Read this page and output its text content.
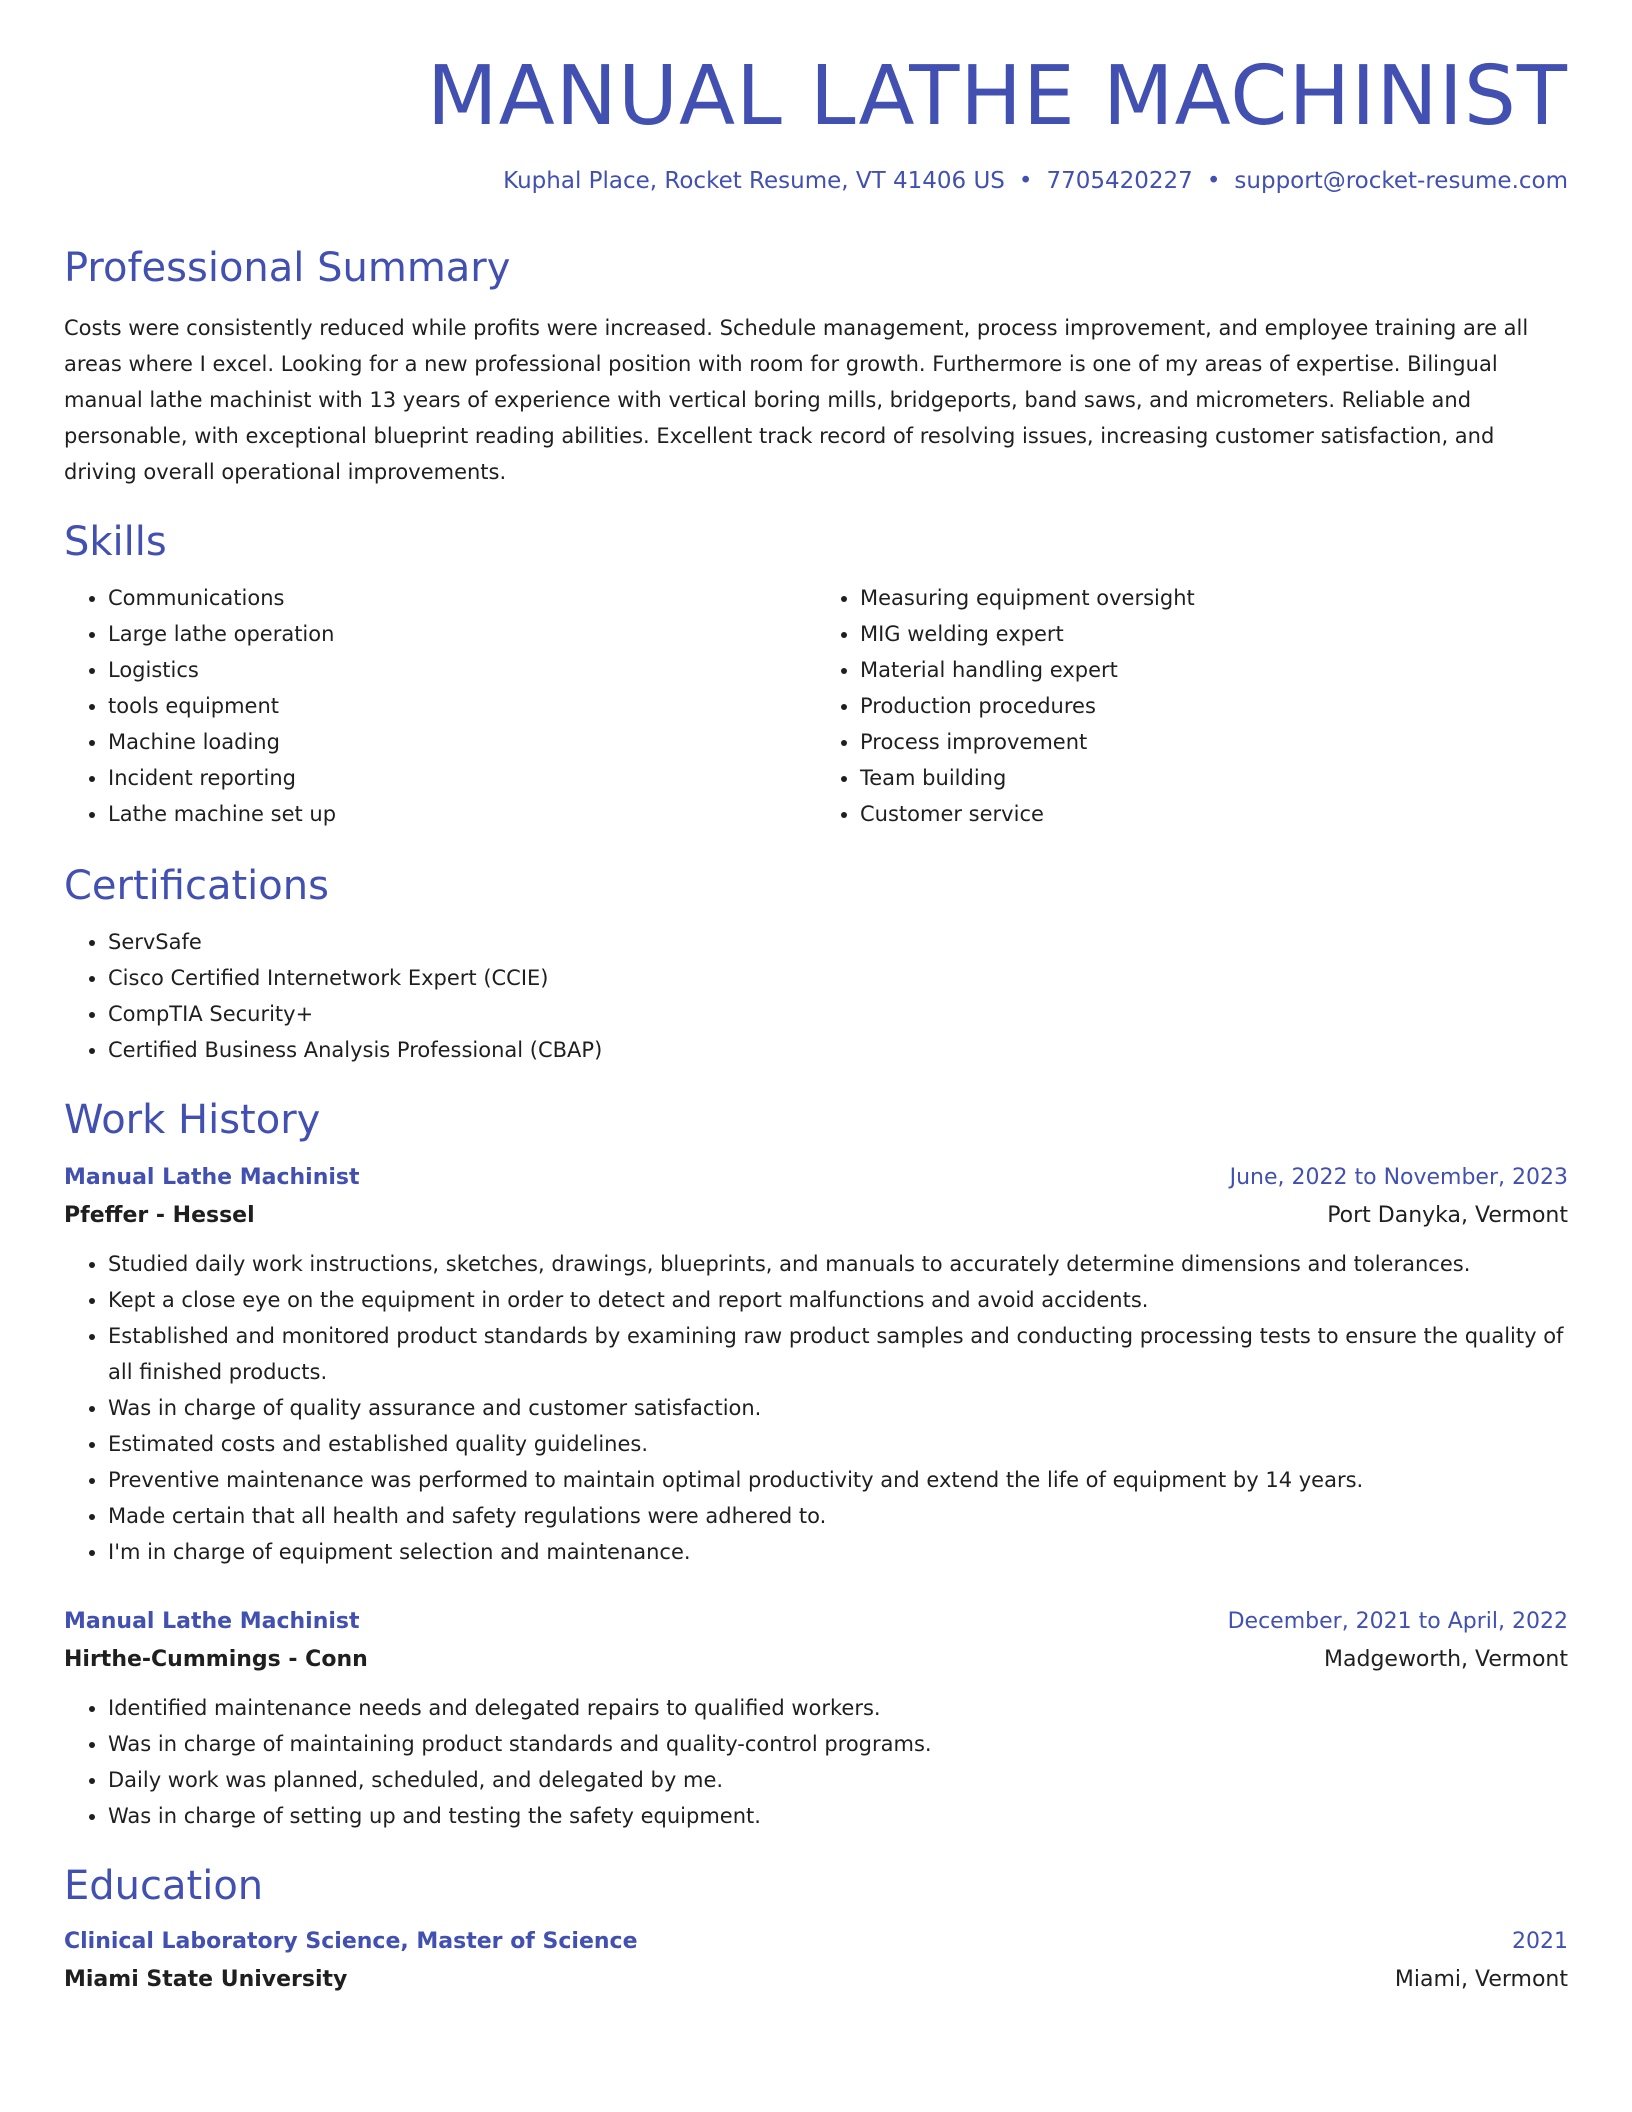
MANUAL LATHE MACHINIST
Kuphal Place, Rocket Resume, VT 41406 US • 7705420227 • support@rocket-resume.com
Professional Summary

Costs were consistently reduced while profits were increased. Schedule management, process improvement, and employee training are all areas where I excel. Looking for a new professional position with room for growth. Furthermore is one of my areas of expertise. Bilingual manual lathe machinist with 13 years of experience with vertical boring mills, bridgeports, band saws, and micrometers. Reliable and personable, with exceptional blueprint reading abilities. Excellent track record of resolving issues, increasing customer satisfaction, and driving overall operational improvements.

Skills
• Communications
• Large lathe operation
• Logistics
• tools equipment
• Machine loading
• Incident reporting
• Lathe machine set up
• Measuring equipment oversight
• MIG welding expert
• Material handling expert
• Production procedures
• Process improvement
• Team building
• Customer service
Certifications
• ServSafe
• Cisco Certified Internetwork Expert (CCIE)
• CompTIA Security+
• Certified Business Analysis Professional (CBAP)
Work History
Manual Lathe Machinist	June, 2022 to November, 2023
Pfeffer - Hessel	Port Danyka, Vermont
• Studied daily work instructions, sketches, drawings, blueprints, and manuals to accurately determine dimensions and tolerances.
• Kept a close eye on the equipment in order to detect and report malfunctions and avoid accidents.
• Established and monitored product standards by examining raw product samples and conducting processing tests to ensure the quality of all finished products.
• Was in charge of quality assurance and customer satisfaction.
• Estimated costs and established quality guidelines.
• Preventive maintenance was performed to maintain optimal productivity and extend the life of equipment by 14 years.
• Made certain that all health and safety regulations were adhered to.
• I'm in charge of equipment selection and maintenance.
Manual Lathe Machinist	December, 2021 to April, 2022
Hirthe-Cummings - Conn	Madgeworth, Vermont
• Identified maintenance needs and delegated repairs to qualified workers.
• Was in charge of maintaining product standards and quality-control programs.
• Daily work was planned, scheduled, and delegated by me.
• Was in charge of setting up and testing the safety equipment.
Education
Clinical Laboratory Science, Master of Science	2021
Miami State University	Miami, Vermont
